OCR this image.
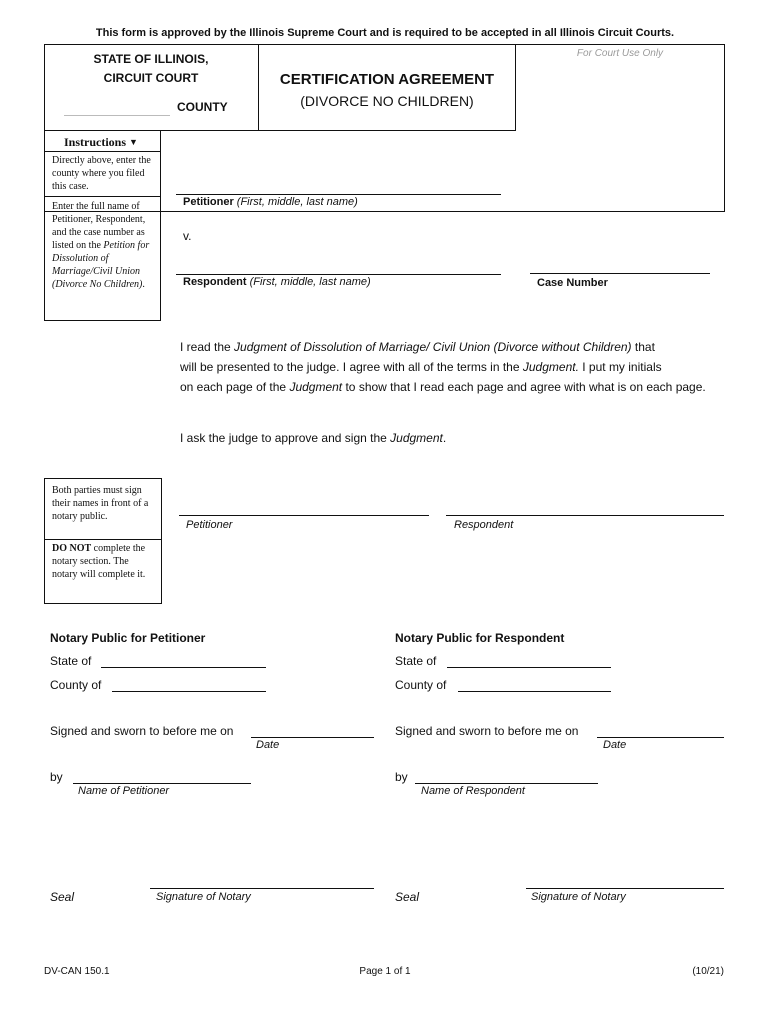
This form is approved by the Illinois Supreme Court and is required to be accepted in all Illinois Circuit Courts.
STATE OF ILLINOIS,
CIRCUIT COURT
COUNTY
CERTIFICATION AGREEMENT
(DIVORCE NO CHILDREN)
For Court Use Only
Instructions ▼
Directly above, enter the county where you filed this case.
Enter the full name of Petitioner, Respondent, and the case number as listed on the Petition for Dissolution of Marriage/Civil Union (Divorce No Children).
Petitioner (First, middle, last name)
v.
Respondent (First, middle, last name)	Case Number
I read the Judgment of Dissolution of Marriage/ Civil Union (Divorce without Children) that
will be presented to the judge. I agree with all of the terms in the Judgment. I put my initials
on each page of the Judgment to show that I read each page and agree with what is on each page.
I ask the judge to approve and sign the Judgment.
Both parties must sign their names in front of a notary public.
DO NOT complete the notary section. The notary will complete it.
Petitioner	Respondent
Notary Public for Petitioner
State of
County of
Signed and sworn to before me on
Date
by
Name of Petitioner
Seal	Signature of Notary
Notary Public for Respondent
State of
County of
Signed and sworn to before me on
Date
by
Name of Respondent
Seal	Signature of Notary
DV-CAN 150.1	Page 1 of 1	(10/21)
